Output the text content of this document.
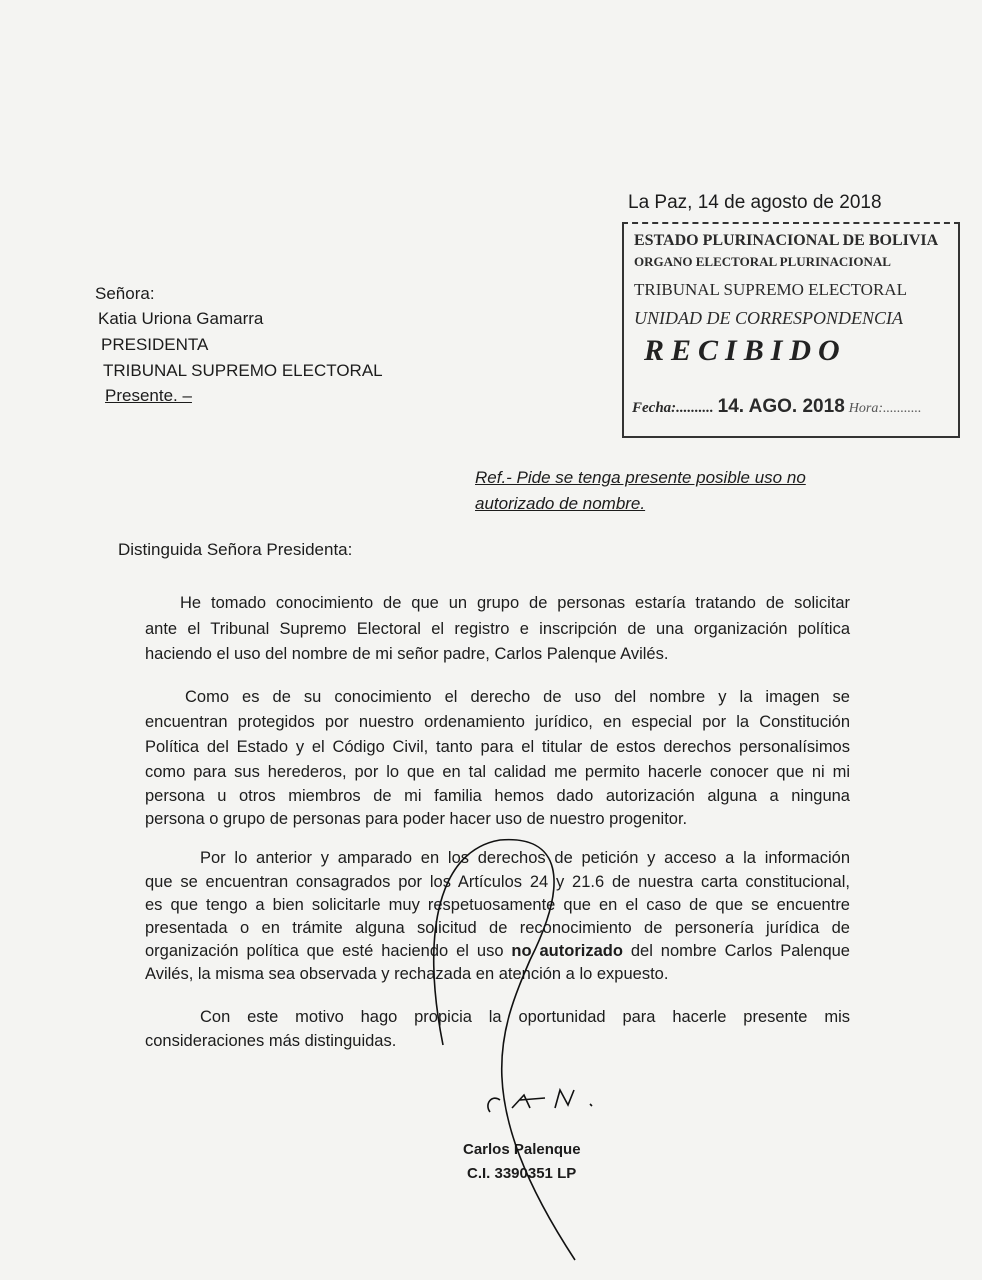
La Paz, 14 de agosto de 2018
ESTADO PLURINACIONAL DE BOLIVIA
ORGANO ELECTORAL PLURINACIONAL
TRIBUNAL SUPREMO ELECTORAL
UNIDAD DE CORRESPONDENCIA
RECIBIDO
Fecha:.......... 14. AGO. 2018 Hora:...........
Señora:
Katia Uriona Gamarra
PRESIDENTA
TRIBUNAL SUPREMO ELECTORAL
Presente. –
Ref.- Pide se tenga presente posible uso no
autorizado de nombre.
Distinguida Señora Presidenta:
He tomado conocimiento de que un grupo de personas estaría tratando de solicitar
ante el Tribunal Supremo Electoral el registro e inscripción de una organización política
haciendo el uso del nombre de mi señor padre, Carlos Palenque Avilés.
Como es de su conocimiento el derecho de uso del nombre y la imagen se
encuentran protegidos por nuestro ordenamiento jurídico, en especial por la Constitución
Política del Estado y el Código Civil, tanto para el titular de estos derechos personalísimos
como para sus herederos, por lo que en tal calidad me permito hacerle conocer que ni mi
persona u otros miembros de mi familia hemos dado autorización alguna a ninguna
persona o grupo de personas para poder hacer uso de nuestro progenitor.
Por lo anterior y amparado en los derechos de petición y acceso a la información
que se encuentran consagrados por los Artículos 24 y 21.6 de nuestra carta constitucional,
es que tengo a bien solicitarle muy respetuosamente que en el caso de que se encuentre
presentada o en trámite alguna solicitud de reconocimiento de personería jurídica de
organización política que esté haciendo el uso no autorizado del nombre Carlos Palenque
Avilés, la misma sea observada y rechazada en atención a lo expuesto.
Con este motivo hago propicia la oportunidad para hacerle presente mis
consideraciones más distinguidas.
Carlos Palenque
C.I. 3390351 LP
